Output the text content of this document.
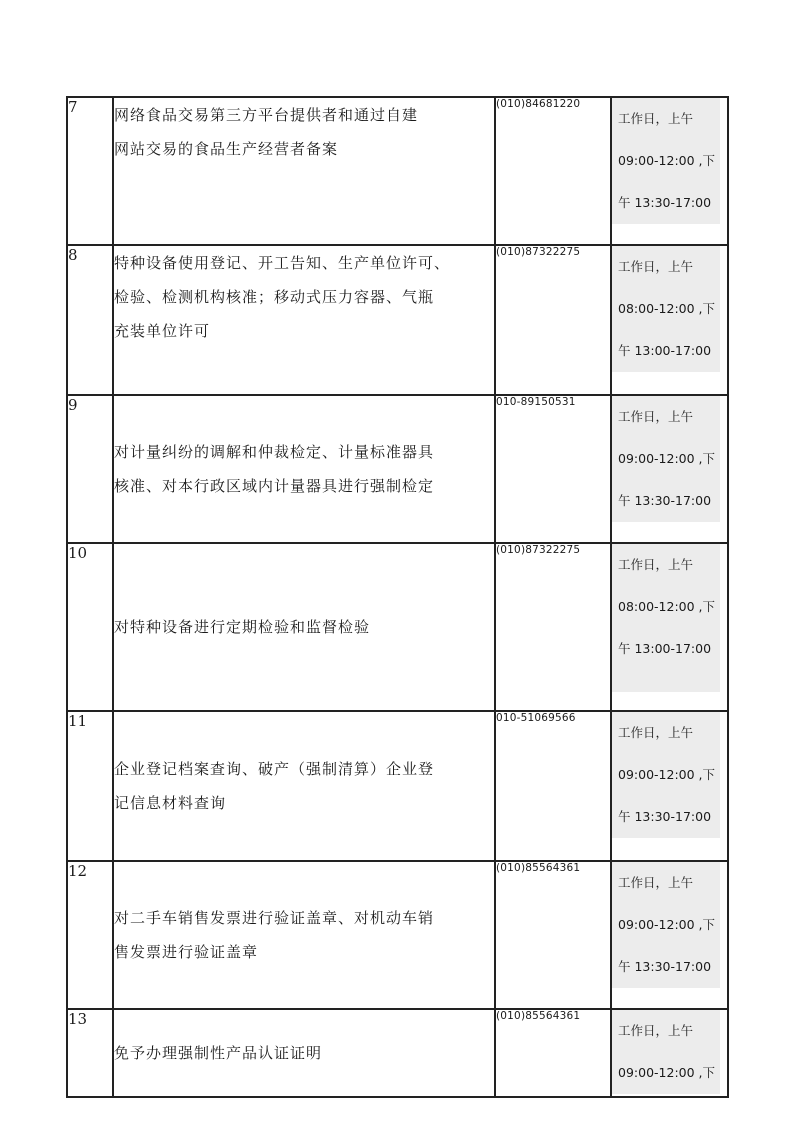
7	网络食品交易第三方平台提供者和通过自建
网站交易的食品生产经营者备案	(010)84681220	工作日，上午
09:00-12:00 ,下
午 13:30-17:00

8	特种设备使用登记、开工告知、生产单位许可、
检验、检测机构核准；移动式压力容器、气瓶
充装单位许可	(010)87322275	工作日，上午
08:00-12:00 ,下
午 13:00-17:00

9	对计量纠纷的调解和仲裁检定、计量标准器具
核准、对本行政区域内计量器具进行强制检定	010-89150531	工作日，上午
09:00-12:00 ,下
午 13:30-17:00

10	对特种设备进行定期检验和监督检验	(010)87322275	工作日，上午
08:00-12:00 ,下
午 13:00-17:00

11	企业登记档案查询、破产（强制清算）企业登
记信息材料查询	010-51069566	工作日，上午
09:00-12:00 ,下
午 13:30-17:00

12	对二手车销售发票进行验证盖章、对机动车销
售发票进行验证盖章	(010)85564361	工作日，上午
09:00-12:00 ,下
午 13:30-17:00

13	免予办理强制性产品认证证明	(010)85564361	工作日，上午
09:00-12:00 ,下
